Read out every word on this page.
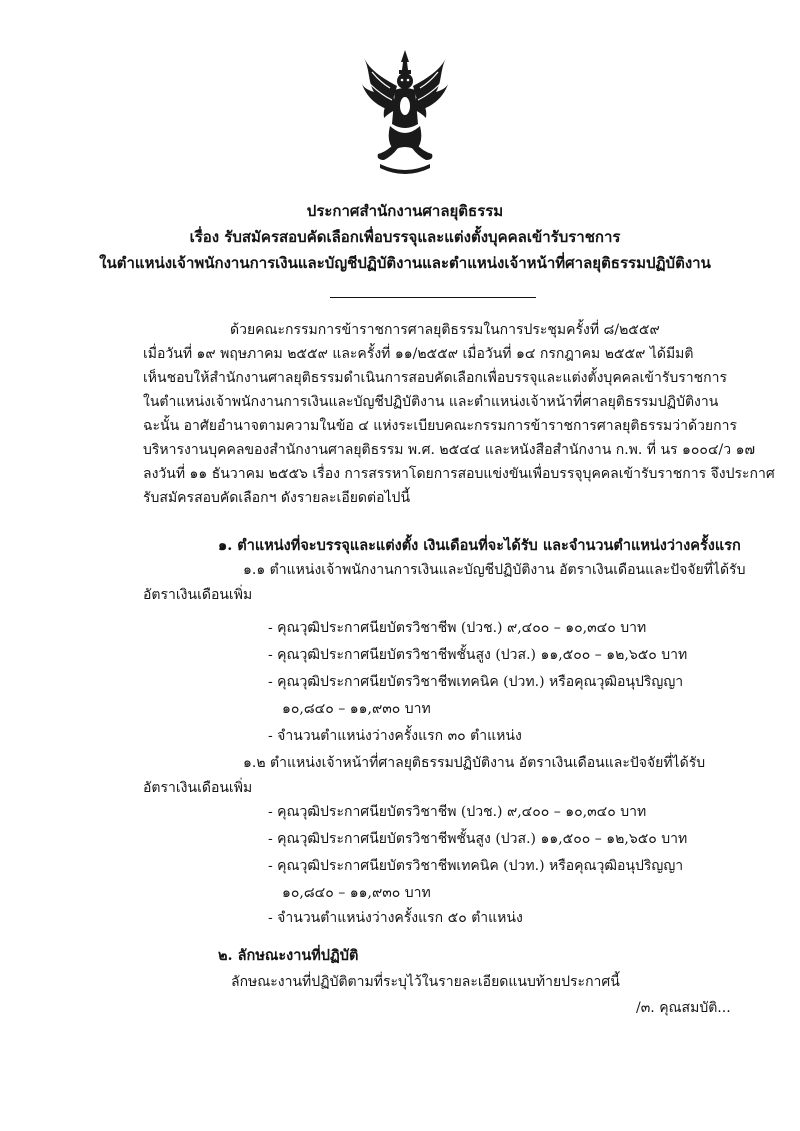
ประกาศสำนักงานศาลยุติธรรม
เรื่อง รับสมัครสอบคัดเลือกเพื่อบรรจุและแต่งตั้งบุคคลเข้ารับราชการ
ในตำแหน่งเจ้าพนักงานการเงินและบัญชีปฏิบัติงานและตำแหน่งเจ้าหน้าที่ศาลยุติธรรมปฏิบัติงาน
ด้วยคณะกรรมการข้าราชการศาลยุติธรรมในการประชุมครั้งที่ ๘/๒๕๕๙
เมื่อวันที่ ๑๙ พฤษภาคม ๒๕๕๙ และครั้งที่ ๑๑/๒๕๕๙ เมื่อวันที่ ๑๔ กรกฎาคม ๒๕๕๙ ได้มีมติ
เห็นชอบให้สำนักงานศาลยุติธรรมดำเนินการสอบคัดเลือกเพื่อบรรจุและแต่งตั้งบุคคลเข้ารับราชการ
ในตำแหน่งเจ้าพนักงานการเงินและบัญชีปฏิบัติงาน และตำแหน่งเจ้าหน้าที่ศาลยุติธรรมปฏิบัติงาน
ฉะนั้น อาศัยอำนาจตามความในข้อ ๔ แห่งระเบียบคณะกรรมการข้าราชการศาลยุติธรรมว่าด้วยการ
บริหารงานบุคคลของสำนักงานศาลยุติธรรม พ.ศ. ๒๕๔๔ และหนังสือสำนักงาน ก.พ. ที่ นร ๑๐๐๔/ว ๑๗
ลงวันที่ ๑๑ ธันวาคม ๒๕๕๖ เรื่อง การสรรหาโดยการสอบแข่งขันเพื่อบรรจุบุคคลเข้ารับราชการ จึงประกาศ
รับสมัครสอบคัดเลือกฯ ดังรายละเอียดต่อไปนี้
๑. ตำแหน่งที่จะบรรจุและแต่งตั้ง เงินเดือนที่จะได้รับ และจำนวนตำแหน่งว่างครั้งแรก
๑.๑ ตำแหน่งเจ้าพนักงานการเงินและบัญชีปฏิบัติงาน อัตราเงินเดือนและปัจจัยที่ได้รับ
อัตราเงินเดือนเพิ่ม
- คุณวุฒิประกาศนียบัตรวิชาชีพ (ปวช.) ๙,๔๐๐ – ๑๐,๓๔๐ บาท
- คุณวุฒิประกาศนียบัตรวิชาชีพชั้นสูง (ปวส.) ๑๑,๕๐๐ – ๑๒,๖๕๐ บาท
- คุณวุฒิประกาศนียบัตรวิชาชีพเทคนิค (ปวท.) หรือคุณวุฒิอนุปริญญา
๑๐,๘๔๐ – ๑๑,๙๓๐ บาท
- จำนวนตำแหน่งว่างครั้งแรก ๓๐ ตำแหน่ง
๑.๒ ตำแหน่งเจ้าหน้าที่ศาลยุติธรรมปฏิบัติงาน อัตราเงินเดือนและปัจจัยที่ได้รับ
อัตราเงินเดือนเพิ่ม
- คุณวุฒิประกาศนียบัตรวิชาชีพ (ปวช.) ๙,๔๐๐ – ๑๐,๓๔๐ บาท
- คุณวุฒิประกาศนียบัตรวิชาชีพชั้นสูง (ปวส.) ๑๑,๕๐๐ – ๑๒,๖๕๐ บาท
- คุณวุฒิประกาศนียบัตรวิชาชีพเทคนิค (ปวท.) หรือคุณวุฒิอนุปริญญา
๑๐,๘๔๐ – ๑๑,๙๓๐ บาท
- จำนวนตำแหน่งว่างครั้งแรก ๕๐ ตำแหน่ง
๒. ลักษณะงานที่ปฏิบัติ
ลักษณะงานที่ปฏิบัติตามที่ระบุไว้ในรายละเอียดแนบท้ายประกาศนี้
/๓. คุณสมบัติ...
